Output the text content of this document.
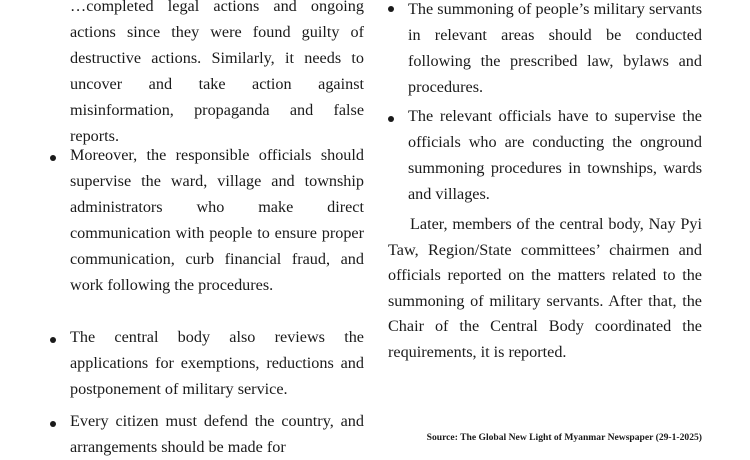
…completed legal actions and ongoing actions since they were found guilty of destructive actions. Similarly, it needs to uncover and take action against misinformation, propaganda and false reports.
Moreover, the responsible officials should supervise the ward, village and township administrators who make direct communication with people to ensure proper communication, curb financial fraud, and work following the procedures.
The central body also reviews the applications for exemptions, reductions and postponement of military service.
Every citizen must defend the country, and arrangements should be made for
The summoning of people’s military servants in relevant areas should be conducted following the prescribed law, bylaws and procedures.
The relevant officials have to supervise the officials who are conducting the onground summoning procedures in townships, wards and villages.
Later, members of the central body, Nay Pyi Taw, Region/State committees’ chairmen and officials reported on the matters related to the summoning of military servants. After that, the Chair of the Central Body coordinated the requirements, it is reported.
Source: The Global New Light of Myanmar Newspaper (29-1-2025)
